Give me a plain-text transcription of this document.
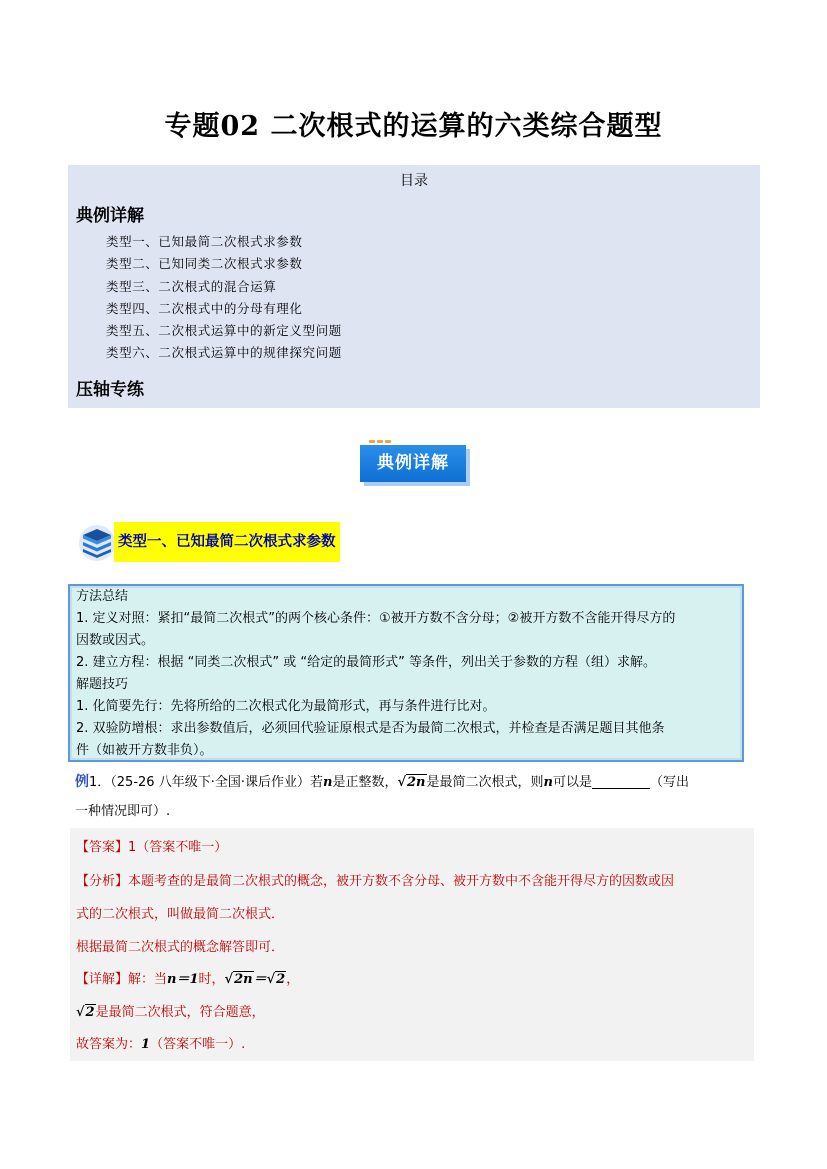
专题02 二次根式的运算的六类综合题型
目录
典例详解
类型一、已知最简二次根式求参数
类型二、已知同类二次根式求参数
类型三、二次根式的混合运算
类型四、二次根式中的分母有理化
类型五、二次根式运算中的新定义型问题
类型六、二次根式运算中的规律探究问题
压轴专练
典例详解
类型一、已知最简二次根式求参数
方法总结
1. 定义对照：紧扣“最简二次根式”的两个核心条件：①被开方数不含分母；②被开方数不含能开得尽方的
因数或因式。
2. 建立方程：根据 “同类二次根式” 或 “给定的最简形式” 等条件，列出关于参数的方程（组）求解。
解题技巧
1. 化简要先行：先将所给的二次根式化为最简形式，再与条件进行比对。
2. 双验防增根：求出参数值后，必须回代验证原根式是否为最简二次根式，并检查是否满足题目其他条
件（如被开方数非负）。
例1．（25-26 八年级下·全国·课后作业）若n是正整数，√2n是最简二次根式，则n可以是	（写出
一种情况即可）.
【答案】1（答案不唯一）
【分析】本题考查的是最简二次根式的概念，被开方数不含分母、被开方数中不含能开得尽方的因数或因
式的二次根式，叫做最简二次根式．
根据最简二次根式的概念解答即可．
【详解】解：当n＝1时，√2n＝√2，
√2是最简二次根式，符合题意，
故答案为：1（答案不唯一）.
